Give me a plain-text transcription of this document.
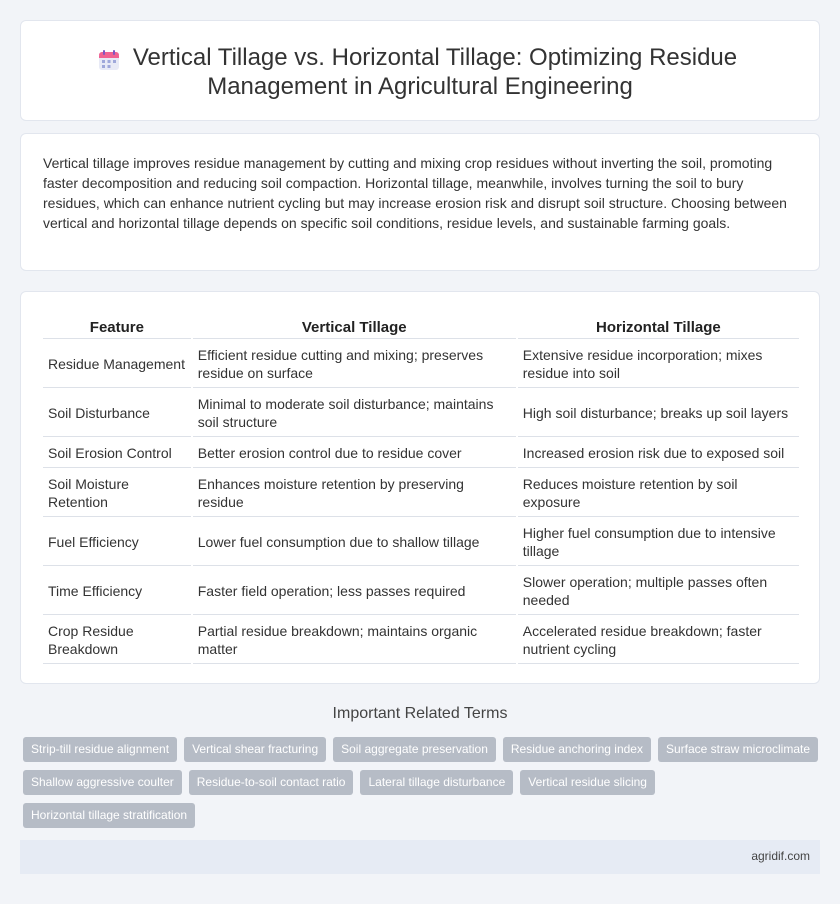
Vertical Tillage vs. Horizontal Tillage: Optimizing Residue
Management in Agricultural Engineering

Vertical tillage improves residue management by cutting and mixing crop residues without inverting the soil, promoting faster decomposition and reducing soil compaction. Horizontal tillage, meanwhile, involves turning the soil to bury residues, which can enhance nutrient cycling but may increase erosion risk and disrupt soil structure. Choosing between vertical and horizontal tillage depends on specific soil conditions, residue levels, and sustainable farming goals.

Feature	Vertical Tillage	Horizontal Tillage
Residue Management	Efficient residue cutting and mixing; preserves residue on surface	Extensive residue incorporation; mixes residue into soil
Soil Disturbance	Minimal to moderate soil disturbance; maintains soil structure	High soil disturbance; breaks up soil layers
Soil Erosion Control	Better erosion control due to residue cover	Increased erosion risk due to exposed soil
Soil Moisture Retention	Enhances moisture retention by preserving residue	Reduces moisture retention by soil exposure
Fuel Efficiency	Lower fuel consumption due to shallow tillage	Higher fuel consumption due to intensive tillage
Time Efficiency	Faster field operation; less passes required	Slower operation; multiple passes often needed
Crop Residue Breakdown	Partial residue breakdown; maintains organic matter	Accelerated residue breakdown; faster nutrient cycling
Important Related Terms
Strip-till residue alignment	Vertical shear fracturing	Soil aggregate preservation	Residue anchoring index	Surface straw microclimate
Shallow aggressive coulter	Residue-to-soil contact ratio	Lateral tillage disturbance	Vertical residue slicing
Horizontal tillage stratification
agridif.com
